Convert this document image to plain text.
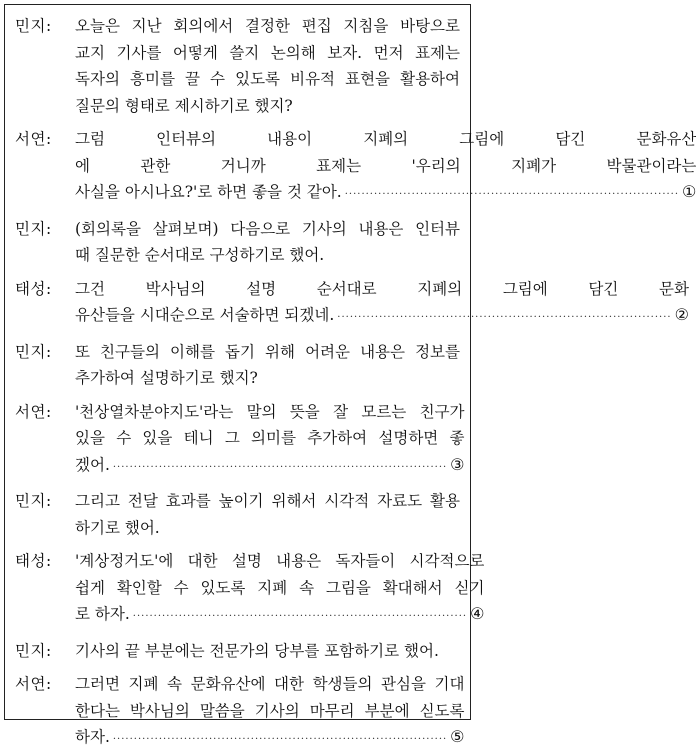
민지:	오늘은 지난 회의에서 결정한 편집 지침을 바탕으로
교지 기사를 어떻게 쓸지 논의해 보자. 먼저 표제는
독자의 흥미를 끌 수 있도록 비유적 표현을 활용하여
질문의 형태로 제시하기로 했지?
서연:	그럼 인터뷰의 내용이 지폐의 그림에 담긴 문화유산
에 관한 거니까 표제는 '우리의 지폐가 박물관이라는
사실을 아시나요?'로 하면 좋을 것 같아. ················································································ ①
민지:	(회의록을 살펴보며) 다음으로 기사의 내용은 인터뷰
때 질문한 순서대로 구성하기로 했어.
태성:	그건 박사님의 설명 순서대로 지폐의 그림에 담긴 문화
유산들을 시대순으로 서술하면 되겠네. ················································································ ②
민지:	또 친구들의 이해를 돕기 위해 어려운 내용은 정보를
추가하여 설명하기로 했지?
서연:	'천상열차분야지도'라는 말의 뜻을 잘 모르는 친구가
있을 수 있을 테니 그 의미를 추가하여 설명하면 좋
겠어. ················································································ ③
민지:	그리고 전달 효과를 높이기 위해서 시각적 자료도 활용
하기로 했어.
태성:	'계상정거도'에 대한 설명 내용은 독자들이 시각적으로
쉽게 확인할 수 있도록 지폐 속 그림을 확대해서 싣기
로 하자. ················································································ ④
민지:	기사의 끝 부분에는 전문가의 당부를 포함하기로 했어.
서연:	그러면 지폐 속 문화유산에 대한 학생들의 관심을 기대
한다는 박사님의 말씀을 기사의 마무리 부분에 싣도록
하자. ················································································ ⑤
